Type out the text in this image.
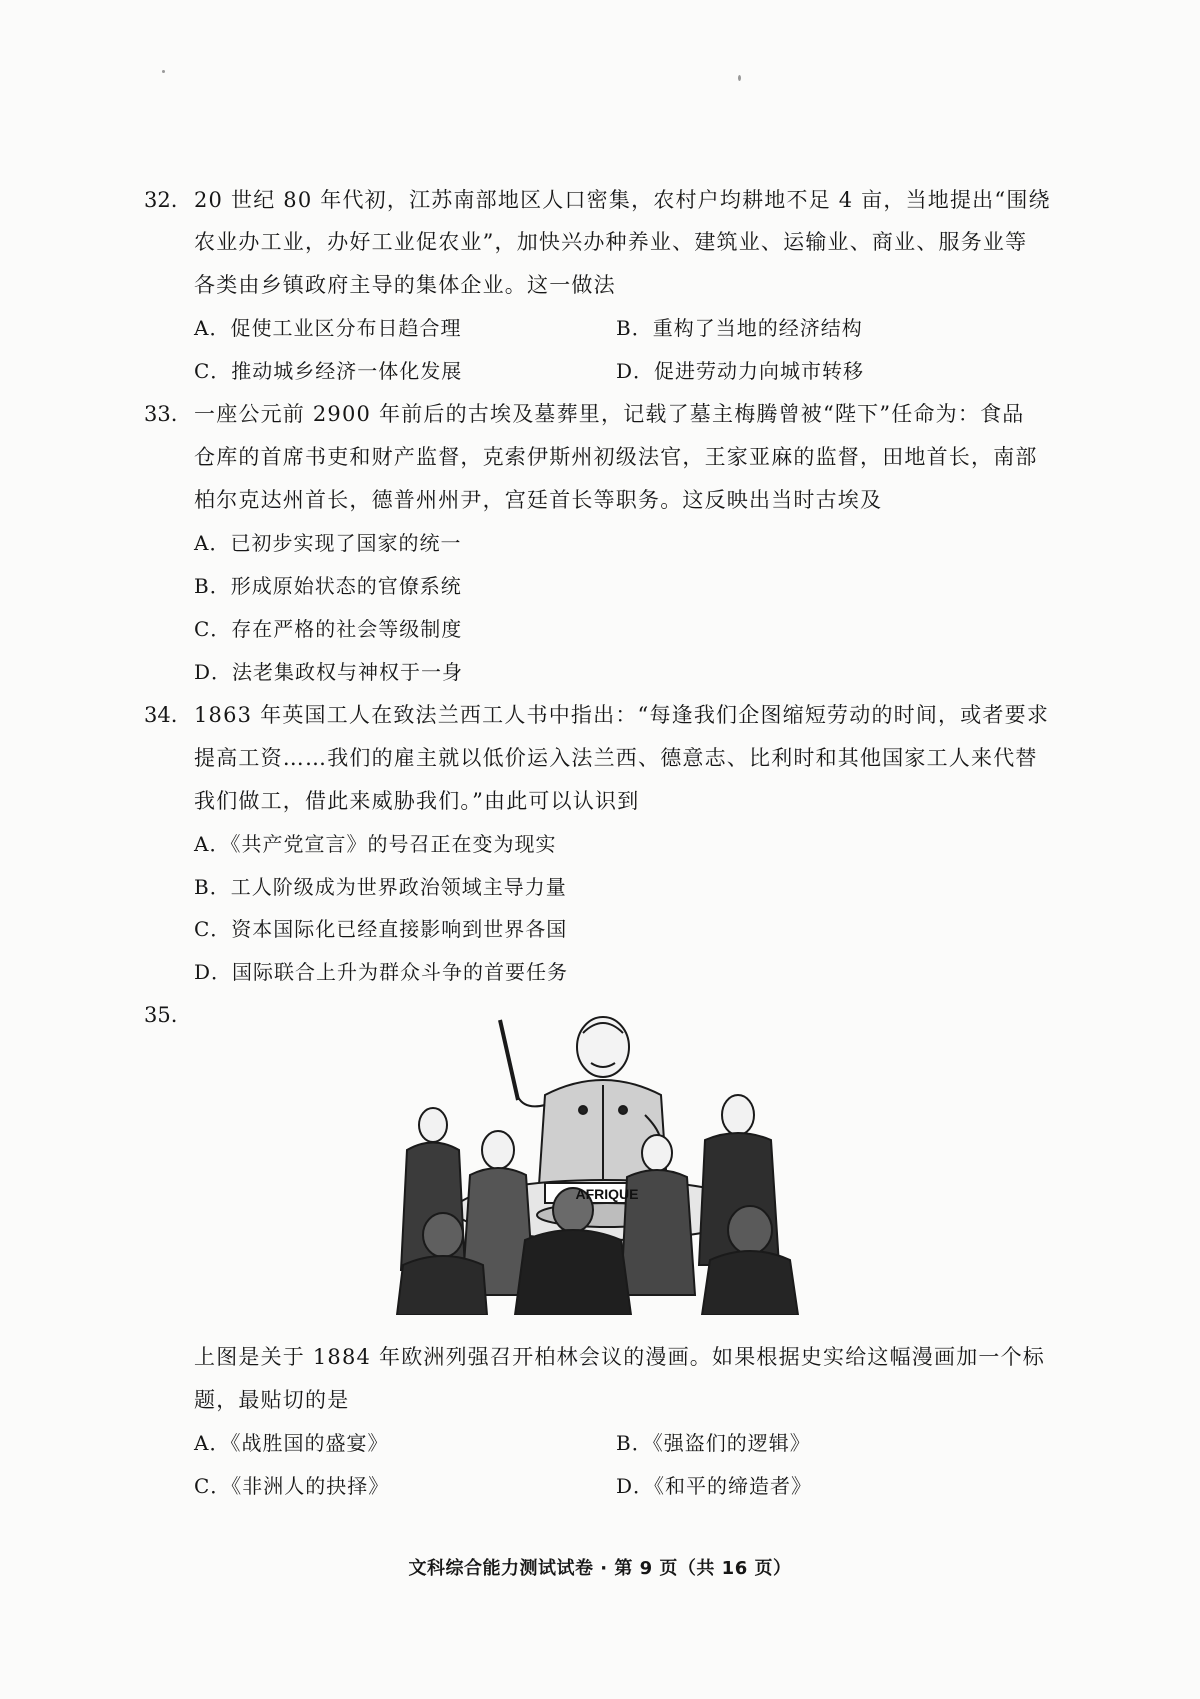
32. 20 世纪 80 年代初，江苏南部地区人口密集，农村户均耕地不足 4 亩，当地提出“围绕
农业办工业，办好工业促农业”，加快兴办种养业、建筑业、运输业、商业、服务业等
各类由乡镇政府主导的集体企业。这一做法
A．促使工业区分布日趋合理	B．重构了当地的经济结构
C．推动城乡经济一体化发展	D．促进劳动力向城市转移
33. 一座公元前 2900 年前后的古埃及墓葬里，记载了墓主梅腾曾被“陛下”任命为：食品
仓库的首席书吏和财产监督，克索伊斯州初级法官，王家亚麻的监督，田地首长，南部
柏尔克达州首长，德普州州尹，宫廷首长等职务。这反映出当时古埃及
A．已初步实现了国家的统一
B．形成原始状态的官僚系统
C．存在严格的社会等级制度
D．法老集政权与神权于一身
34. 1863 年英国工人在致法兰西工人书中指出：“每逢我们企图缩短劳动的时间，或者要求
提高工资……我们的雇主就以低价运入法兰西、德意志、比利时和其他国家工人来代替
我们做工，借此来威胁我们。”由此可以认识到
A．《共产党宣言》的号召正在变为现实
B．工人阶级成为世界政治领域主导力量
C．资本国际化已经直接影响到世界各国
D．国际联合上升为群众斗争的首要任务
35.
AFRIQUE
上图是关于 1884 年欧洲列强召开柏林会议的漫画。如果根据史实给这幅漫画加一个标
题，最贴切的是
A．《战胜国的盛宴》	B．《强盗们的逻辑》
C．《非洲人的抉择》	D．《和平的缔造者》
文科综合能力测试试卷 · 第 9 页（共 16 页）
